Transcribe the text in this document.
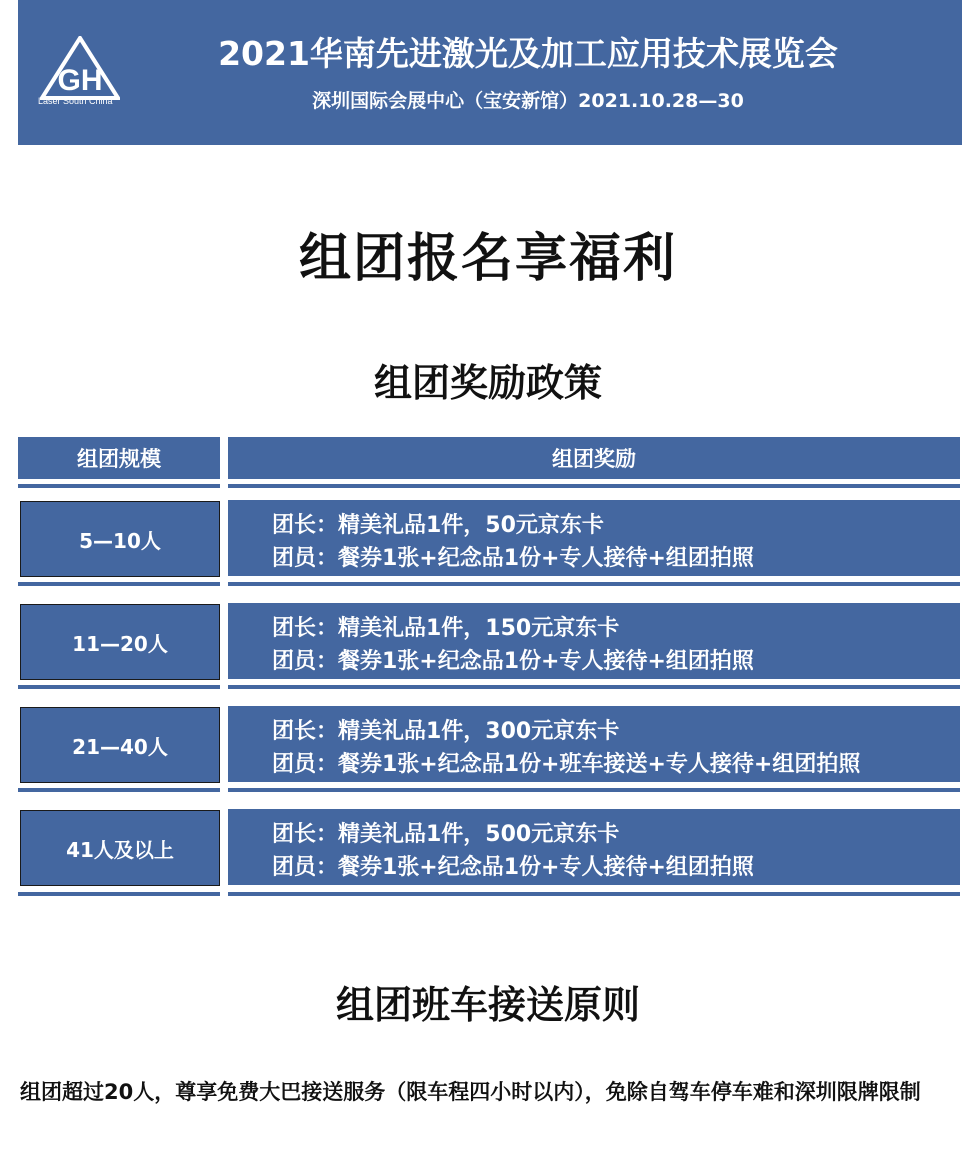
GH
Laser South China
2021华南先进激光及加工应用技术展览会
深圳国际会展中心（宝安新馆）2021.10.28—30
组团报名享福利
组团奖励政策
组团规模	组团奖励
5—10人
团长：精美礼品1件，50元京东卡
团员：餐券1张+纪念品1份+专人接待+组团拍照
11—20人
团长：精美礼品1件，150元京东卡
团员：餐券1张+纪念品1份+专人接待+组团拍照
21—40人
团长：精美礼品1件，300元京东卡
团员：餐券1张+纪念品1份+班车接送+专人接待+组团拍照
41人及以上
团长：精美礼品1件，500元京东卡
团员：餐券1张+纪念品1份+专人接待+组团拍照
组团班车接送原则
组团超过20人，尊享免费大巴接送服务（限车程四小时以内），免除自驾车停车难和深圳限牌限制
